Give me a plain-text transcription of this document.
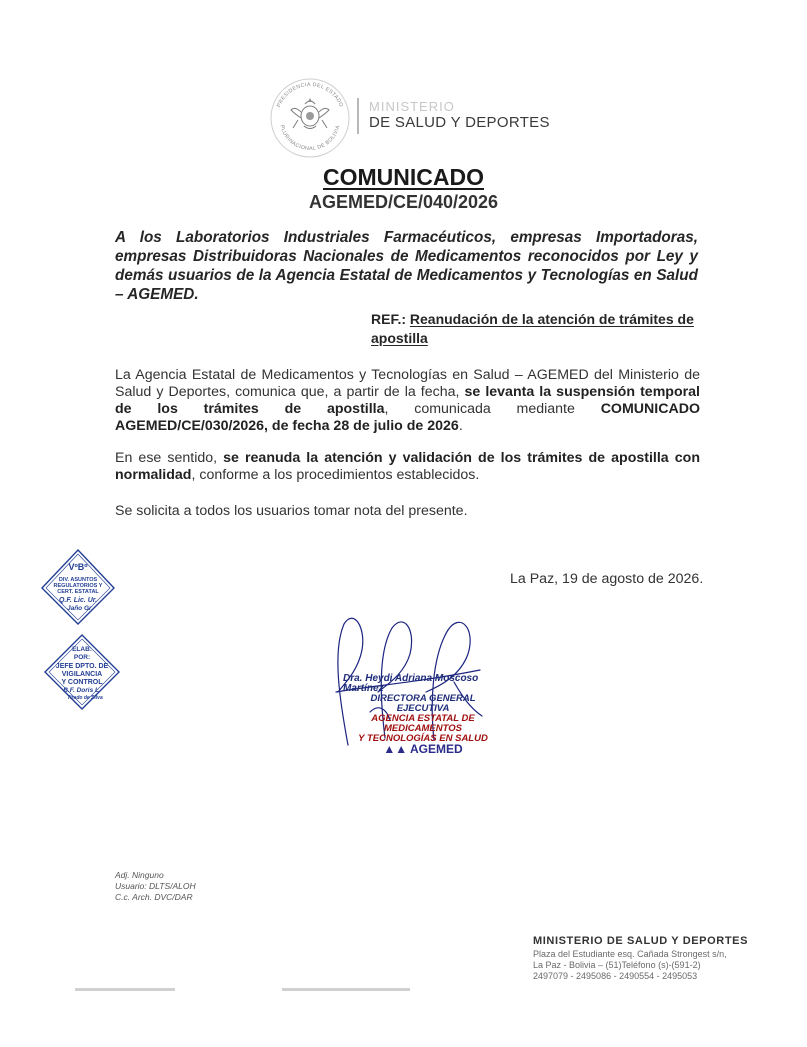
PRESIDENCIA DEL ESTADO
PLURINACIONAL DE BOLIVIA
MINISTERIO
DE SALUD Y DEPORTES
COMUNICADO
AGEMED/CE/040/2026
A los Laboratorios Industriales Farmacéuticos, empresas Importadoras, empresas Distribuidoras Nacionales de Medicamentos reconocidos por Ley y demás usuarios de la Agencia Estatal de Medicamentos y Tecnologías en Salud – AGEMED.
REF.: Reanudación de la atención de trámites de apostilla
La Agencia Estatal de Medicamentos y Tecnologías en Salud – AGEMED del Ministerio de Salud y Deportes, comunica que, a partir de la fecha, se levanta la suspensión temporal de los trámites de apostilla, comunicada mediante COMUNICADO AGEMED/CE/030/2026, de fecha 28 de julio de 2026.
En ese sentido, se reanuda la atención y validación de los trámites de apostilla con normalidad, conforme a los procedimientos establecidos.
Se solicita a todos los usuarios tomar nota del presente.
La Paz, 19 de agosto de 2026.
VºBº
DIV. ASUNTOS
REGULATORIOS Y
CERT. ESTATAL
Q.F. Lic. Ur.
Jaño Gr.
ELAB:
POR:
JEFE DPTO. DE
VIGILANCIA
Y CONTROL
B.F. Doris L.
Tirado de Silva
Dra. Heydi Adriana Moscoso Martínez
DIRECTORA GENERAL EJECUTIVA
AGENCIA ESTATAL DE MEDICAMENTOS
Y TECNOLOGÍAS EN SALUD
▲▲ AGEMED
Adj. Ninguno
Usuario: DLTS/ALOH
C.c. Arch. DVC/DAR
MINISTERIO DE SALUD Y DEPORTES
Plaza del Estudiante esq. Cañada Strongest s/n,
La Paz - Bolivia – (51)Teléfono (s)-(591-2)
2497079 - 2495086 - 2490554 - 2495053
